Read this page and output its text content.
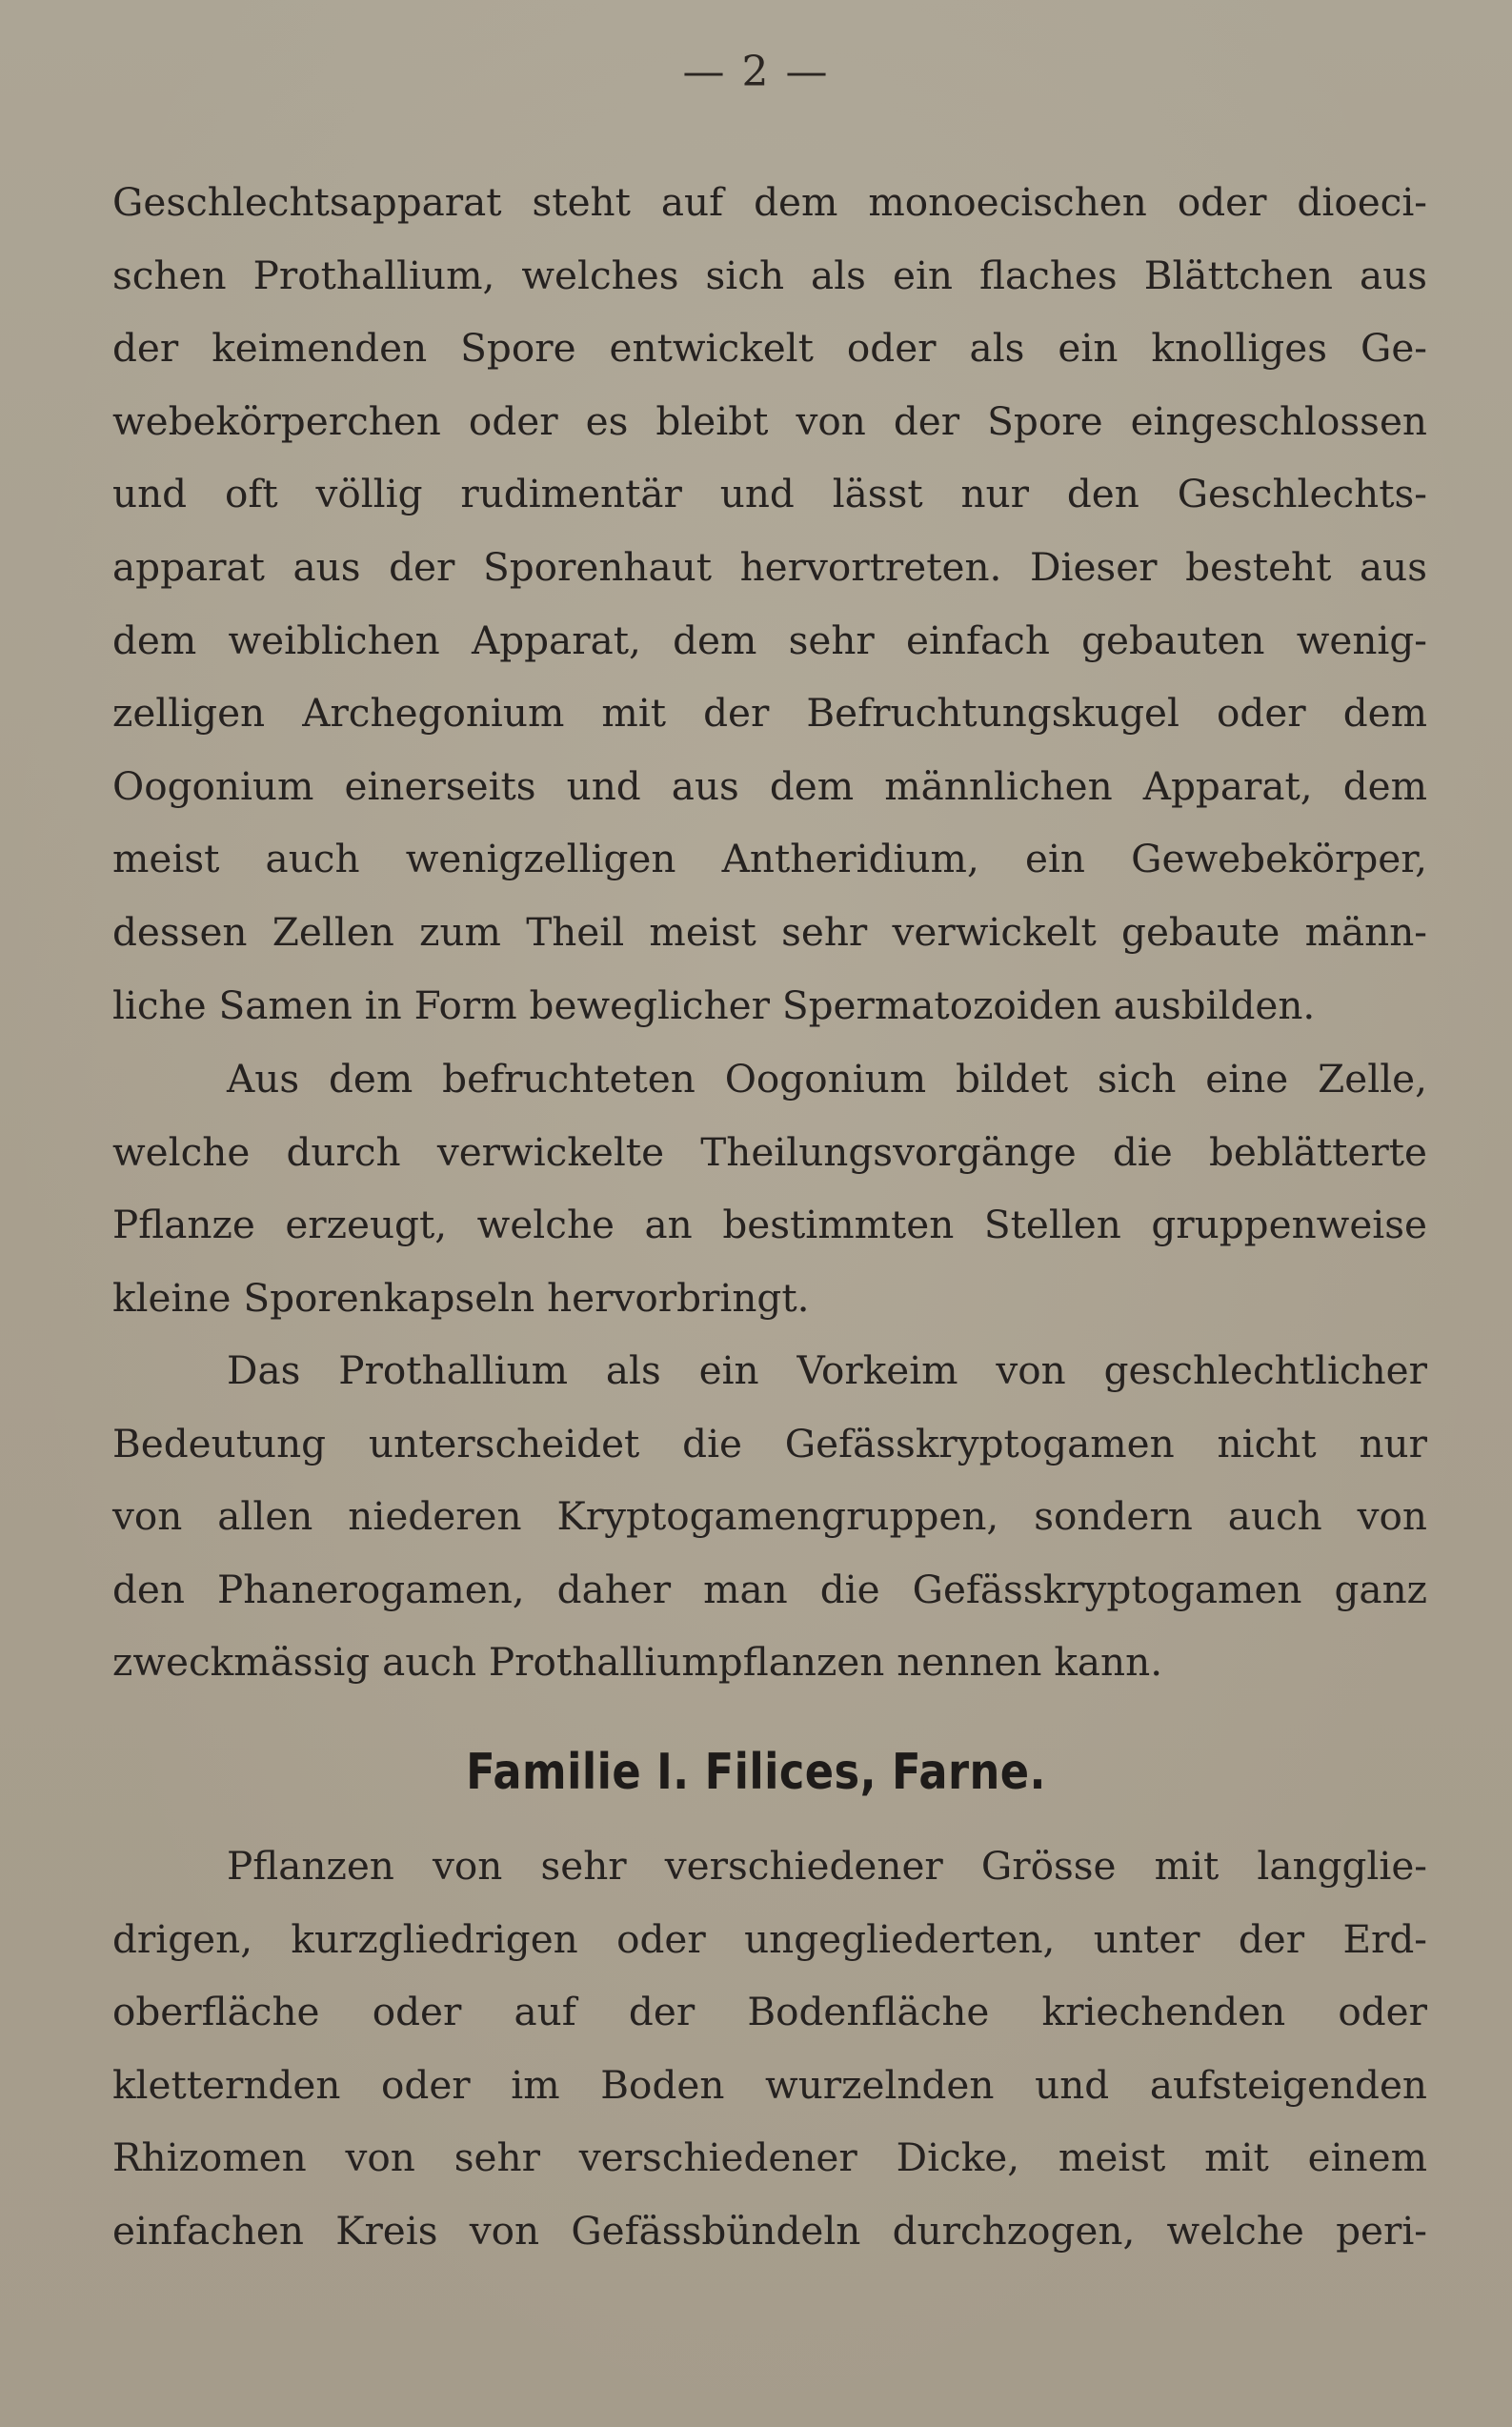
— 2 —
Geschlechtsapparat steht auf dem monoecischen oder dioeci-
schen Prothallium, welches sich als ein flaches Blättchen aus
der keimenden Spore entwickelt oder als ein knolliges Ge-
webekörperchen oder es bleibt von der Spore eingeschlossen
und oft völlig rudimentär und lässt nur den Geschlechts-
apparat aus der Sporenhaut hervortreten. Dieser besteht aus
dem weiblichen Apparat, dem sehr einfach gebauten wenig-
zelligen Archegonium mit der Befruchtungskugel oder dem
Oogonium einerseits und aus dem männlichen Apparat, dem
meist auch wenigzelligen Antheridium, ein Gewebekörper,
dessen Zellen zum Theil meist sehr verwickelt gebaute männ-
liche Samen in Form beweglicher Spermatozoiden ausbilden.
Aus dem befruchteten Oogonium bildet sich eine Zelle,
welche durch verwickelte Theilungsvorgänge die beblätterte
Pflanze erzeugt, welche an bestimmten Stellen gruppenweise
kleine Sporenkapseln hervorbringt.
Das Prothallium als ein Vorkeim von geschlechtlicher
Bedeutung unterscheidet die Gefässkryptogamen nicht nur
von allen niederen Kryptogamengruppen, sondern auch von
den Phanerogamen, daher man die Gefässkryptogamen ganz
zweckmässig auch Prothalliumpflanzen nennen kann.
Familie I. Filices, Farne.
Pflanzen von sehr verschiedener Grösse mit langglie-
drigen, kurzgliedrigen oder ungegliederten, unter der Erd-
oberfläche oder auf der Bodenfläche kriechenden oder
kletternden oder im Boden wurzelnden und aufsteigenden
Rhizomen von sehr verschiedener Dicke, meist mit einem
einfachen Kreis von Gefässbündeln durchzogen, welche peri-
